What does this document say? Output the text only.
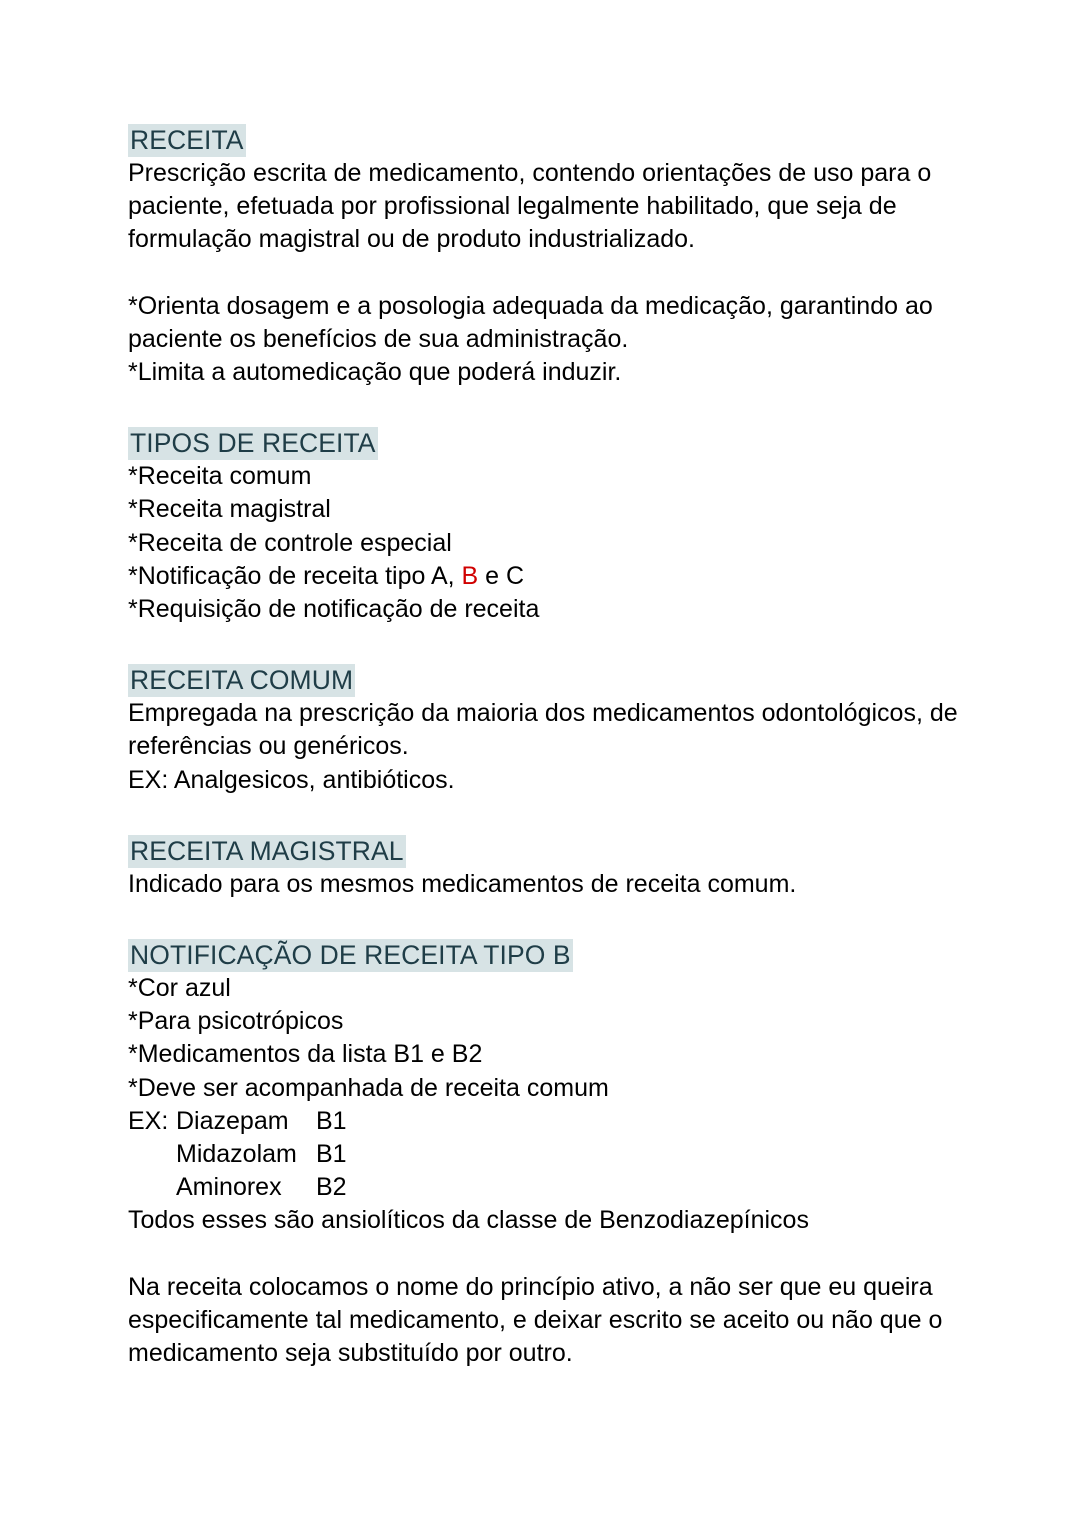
RECEITA

Prescrição escrita de medicamento, contendo orientações de uso para o paciente, efetuada por profissional legalmente habilitado, que seja de formulação magistral ou de produto industrializado.

*Orienta dosagem e a posologia adequada da medicação, garantindo ao paciente os benefícios de sua administração.

*Limita a automedicação que poderá induzir.

TIPOS DE RECEITA

*Receita comum

*Receita magistral

*Receita de controle especial

*Notificação de receita tipo A, B e C

*Requisição de notificação de receita

RECEITA COMUM

Empregada na prescrição da maioria dos medicamentos odontológicos, de referências ou genéricos.

EX: Analgesicos, antibióticos.

RECEITA MAGISTRAL

Indicado para os mesmos medicamentos de receita comum.

NOTIFICAÇÃO DE RECEITA TIPO B

*Cor azul

*Para psicotrópicos

*Medicamentos da lista B1 e B2

*Deve ser acompanhada de receita comum

EX:	Diazepam	B1
	Midazolam	B1
	Aminorex	B2

Todos esses são ansiolíticos da classe de Benzodiazepínicos

Na receita colocamos o nome do princípio ativo, a não ser que eu queira especificamente tal medicamento, e deixar escrito se aceito ou não que o medicamento seja substituído por outro.
